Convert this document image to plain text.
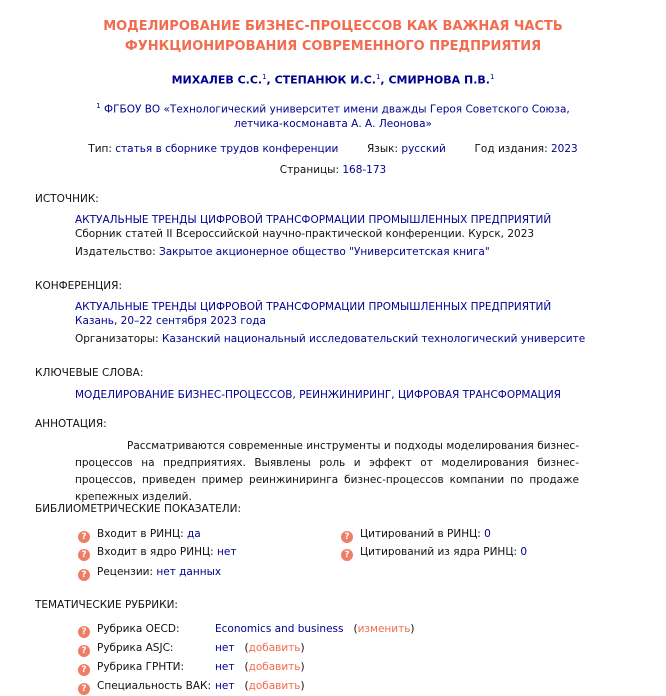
МОДЕЛИРОВАНИЕ БИЗНЕС-ПРОЦЕССОВ КАК ВАЖНАЯ ЧАСТЬ
ФУНКЦИОНИРОВАНИЯ СОВРЕМЕННОГО ПРЕДПРИЯТИЯ
МИХАЛЕВ С.С.$^1$, СТЕПАНЮК И.С.$^1$, СМИРНОВА П.В.$^1$
$^1$ ФГБОУ ВО «Технологический университет имени дважды Героя Советского Союза, летчика-космонавта А. А. Леонова»
Тип: статья в сборнике трудов конференции	Язык: русский	Год издания: 2023
Страницы: 168-173
ИСТОЧНИК:
АКТУАЛЬНЫЕ ТРЕНДЫ ЦИФРОВОЙ ТРАНСФОРМАЦИИ ПРОМЫШЛЕННЫХ ПРЕДПРИЯТИЙ
Сборник статей II Всероссийской научно-практической конференции. Курск, 2023
Издательство: Закрытое акционерное общество "Университетская книга"
КОНФЕРЕНЦИЯ:
АКТУАЛЬНЫЕ ТРЕНДЫ ЦИФРОВОЙ ТРАНСФОРМАЦИИ ПРОМЫШЛЕННЫХ ПРЕДПРИЯТИЙ
Казань, 20–22 сентября 2023 года
Организаторы: Казанский национальный исследовательский технологический университе
КЛЮЧЕВЫЕ СЛОВА:
МОДЕЛИРОВАНИЕ БИЗНЕС-ПРОЦЕССОВ, РЕИНЖИНИРИНГ, ЦИФРОВАЯ ТРАНСФОРМАЦИЯ
АННОТАЦИЯ:
Рассматриваются современные инструменты и подходы моделирования бизнес-процессов на предприятиях. Выявлены роль и эффект от моделирования бизнес-процессов, приведен пример реинжиниринга бизнес-процессов компании по продаже крепежных изделий.
БИБЛИОМЕТРИЧЕСКИЕ ПОКАЗАТЕЛИ:
? Входит в РИНЦ: да
? Входит в ядро РИНЦ: нет
? Рецензии: нет данных
? Цитирований в РИНЦ: 0
? Цитирований из ядра РИНЦ: 0
ТЕМАТИЧЕСКИЕ РУБРИКИ:
? Рубрика OECD:	Economics and business   (изменить)
? Рубрика ASJC:	нет   (добавить)
? Рубрика ГРНТИ:	нет   (добавить)
? Специальность ВАК: нет   (добавить)
